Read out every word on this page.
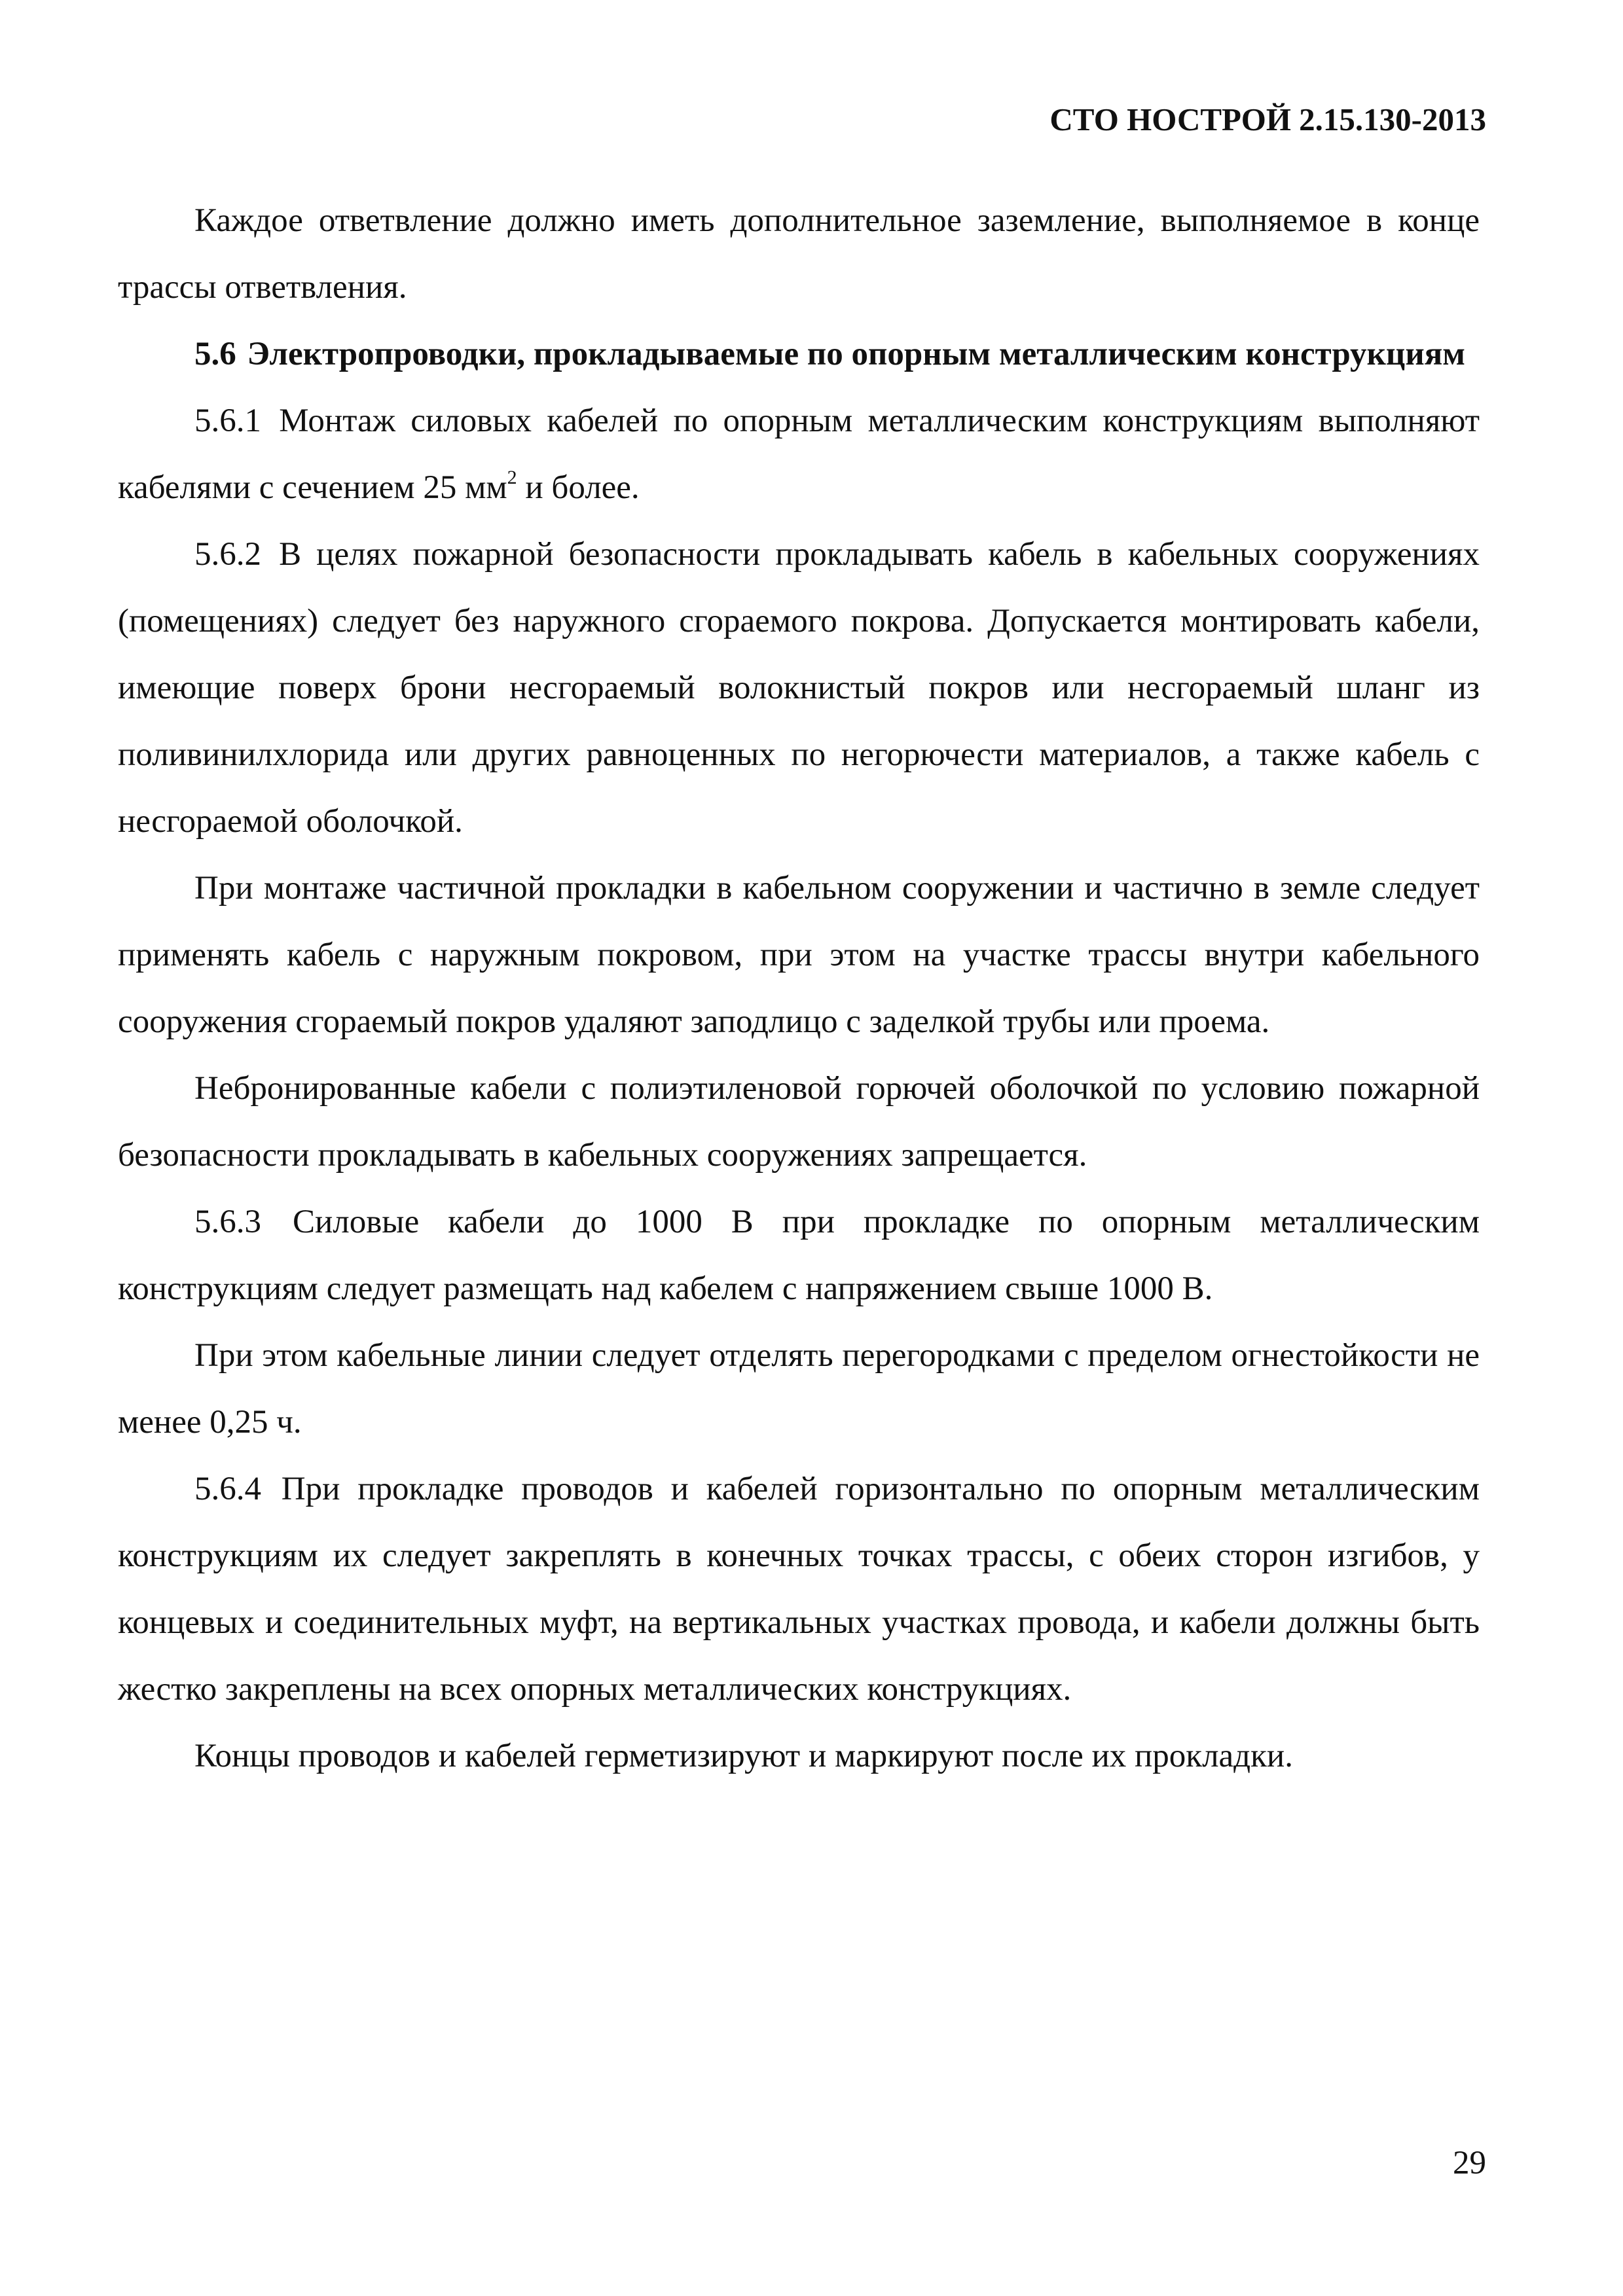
СТО НОСТРОЙ 2.15.130-2013

Каждое ответвление должно иметь дополнительное заземление, выполняемое в конце трассы ответвления.

5.6 Электропроводки, прокладываемые по опорным металлическим конструкциям

5.6.1 Монтаж силовых кабелей по опорным металлическим конструкциям выполняют кабелями с сечением 25 $мм^2$ и более.

5.6.2 В целях пожарной безопасности прокладывать кабель в кабельных сооружениях (помещениях) следует без наружного сгораемого покрова. Допускается монтировать кабели, имеющие поверх брони несгораемый волокнистый покров или несгораемый шланг из поливинилхлорида или других равноценных по негорючести материалов, а также кабель с несгораемой оболочкой.

При монтаже частичной прокладки в кабельном сооружении и частично в земле следует применять кабель с наружным покровом, при этом на участке трассы внутри кабельного сооружения сгораемый покров удаляют заподлицо с заделкой трубы или проема.

Небронированные кабели с полиэтиленовой горючей оболочкой по условию пожарной безопасности прокладывать в кабельных сооружениях запрещается.

5.6.3 Силовые кабели до 1000 В при прокладке по опорным металлическим конструкциям следует размещать над кабелем с напряжением свыше 1000 В.

При этом кабельные линии следует отделять перегородками с пределом огнестойкости не менее 0,25 ч.

5.6.4 При прокладке проводов и кабелей горизонтально по опорным металлическим конструкциям их следует закреплять в конечных точках трассы, с обеих сторон изгибов, у концевых и соединительных муфт, на вертикальных участках провода, и кабели должны быть жестко закреплены на всех опорных металлических конструкциях.

Концы проводов и кабелей герметизируют и маркируют после их прокладки.

29
